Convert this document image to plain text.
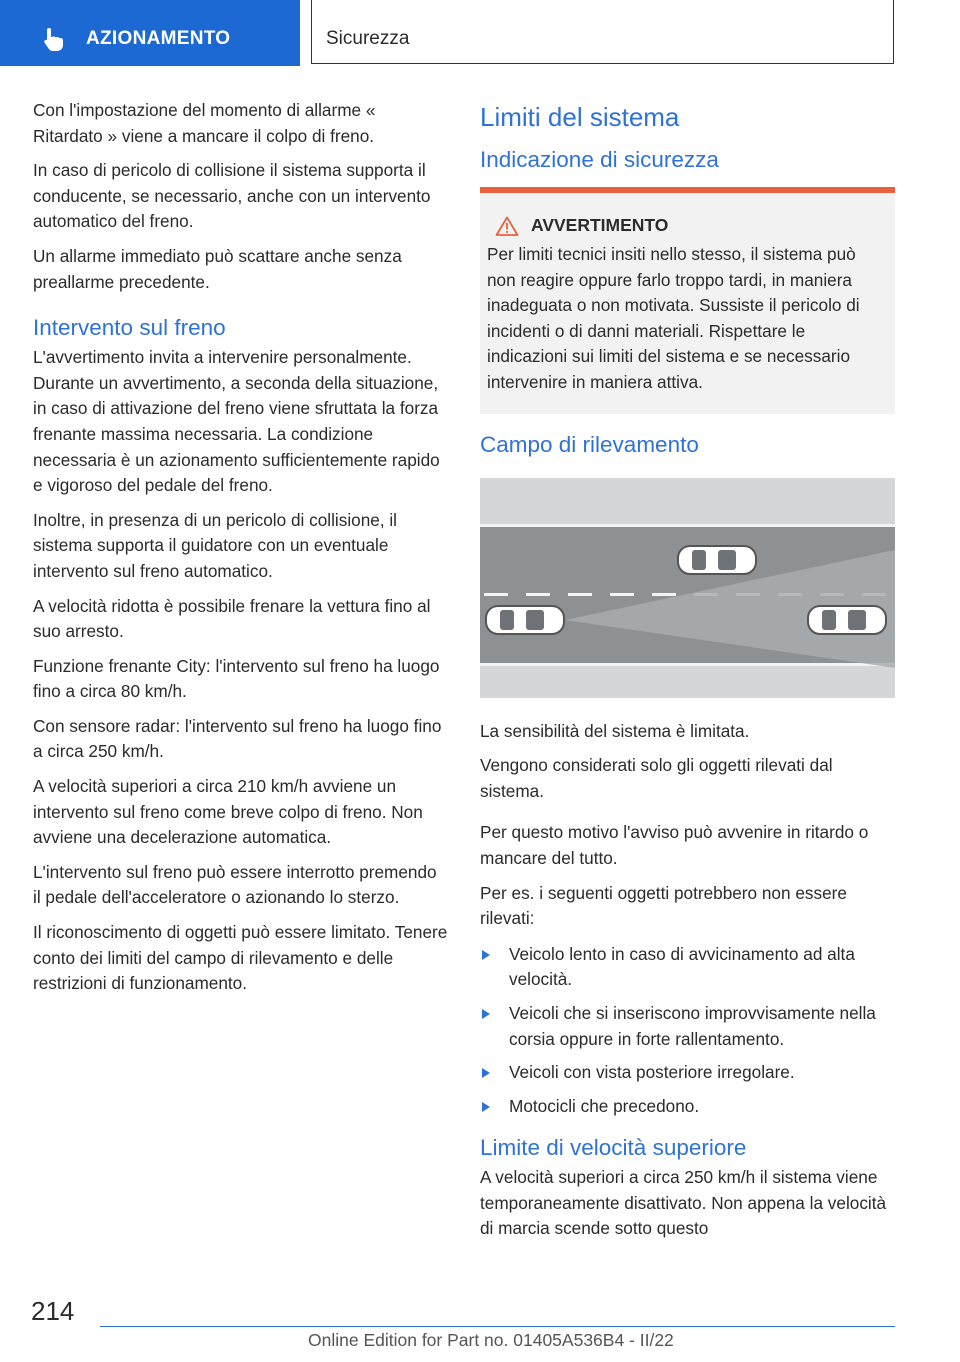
AZIONAMENTO	Sicurezza

Con l'impostazione del momento di allarme « Ritardato » viene a mancare il colpo di freno.

In caso di pericolo di collisione il sistema supporta il conducente, se necessario, anche con un intervento automatico del freno.

Un allarme immediato può scattare anche senza preallarme precedente.

Intervento sul freno

L'avvertimento invita a intervenire personalmente. Durante un avvertimento, a seconda della situazione, in caso di attivazione del freno viene sfruttata la forza frenante massima necessaria. La condizione necessaria è un azionamento sufficientemente rapido e vigoroso del pedale del freno.

Inoltre, in presenza di un pericolo di collisione, il sistema supporta il guidatore con un eventuale intervento sul freno automatico.

A velocità ridotta è possibile frenare la vettura fino al suo arresto.

Funzione frenante City: l'intervento sul freno ha luogo fino a circa 80 km/h.

Con sensore radar: l'intervento sul freno ha luogo fino a circa 250 km/h.

A velocità superiori a circa 210 km/h avviene un intervento sul freno come breve colpo di freno. Non avviene una decelerazione automatica.

L'intervento sul freno può essere interrotto premendo il pedale dell'acceleratore o azionando lo sterzo.

Il riconoscimento di oggetti può essere limitato. Tenere conto dei limiti del campo di rilevamento e delle restrizioni di funzionamento.

Limiti del sistema
Indicazione di sicurezza
AVVERTIMENTO

Per limiti tecnici insiti nello stesso, il sistema può non reagire oppure farlo troppo tardi, in maniera inadeguata o non motivata. Sussiste il pericolo di incidenti o di danni materiali. Rispettare le indicazioni sui limiti del sistema e se necessario intervenire in maniera attiva.

Campo di rilevamento

La sensibilità del sistema è limitata.

Vengono considerati solo gli oggetti rilevati dal sistema.

Per questo motivo l'avviso può avvenire in ritardo o mancare del tutto.

Per es. i seguenti oggetti potrebbero non essere rilevati:

Veicolo lento in caso di avvicinamento ad alta velocità.
Veicoli che si inseriscono improvvisamente nella corsia oppure in forte rallentamento.
Veicoli con vista posteriore irregolare.
Motocicli che precedono.
Limite di velocità superiore

A velocità superiori a circa 250 km/h il sistema viene temporaneamente disattivato. Non appena la velocità di marcia scende sotto questo

214
Online Edition for Part no. 01405A536B4 - II/22
